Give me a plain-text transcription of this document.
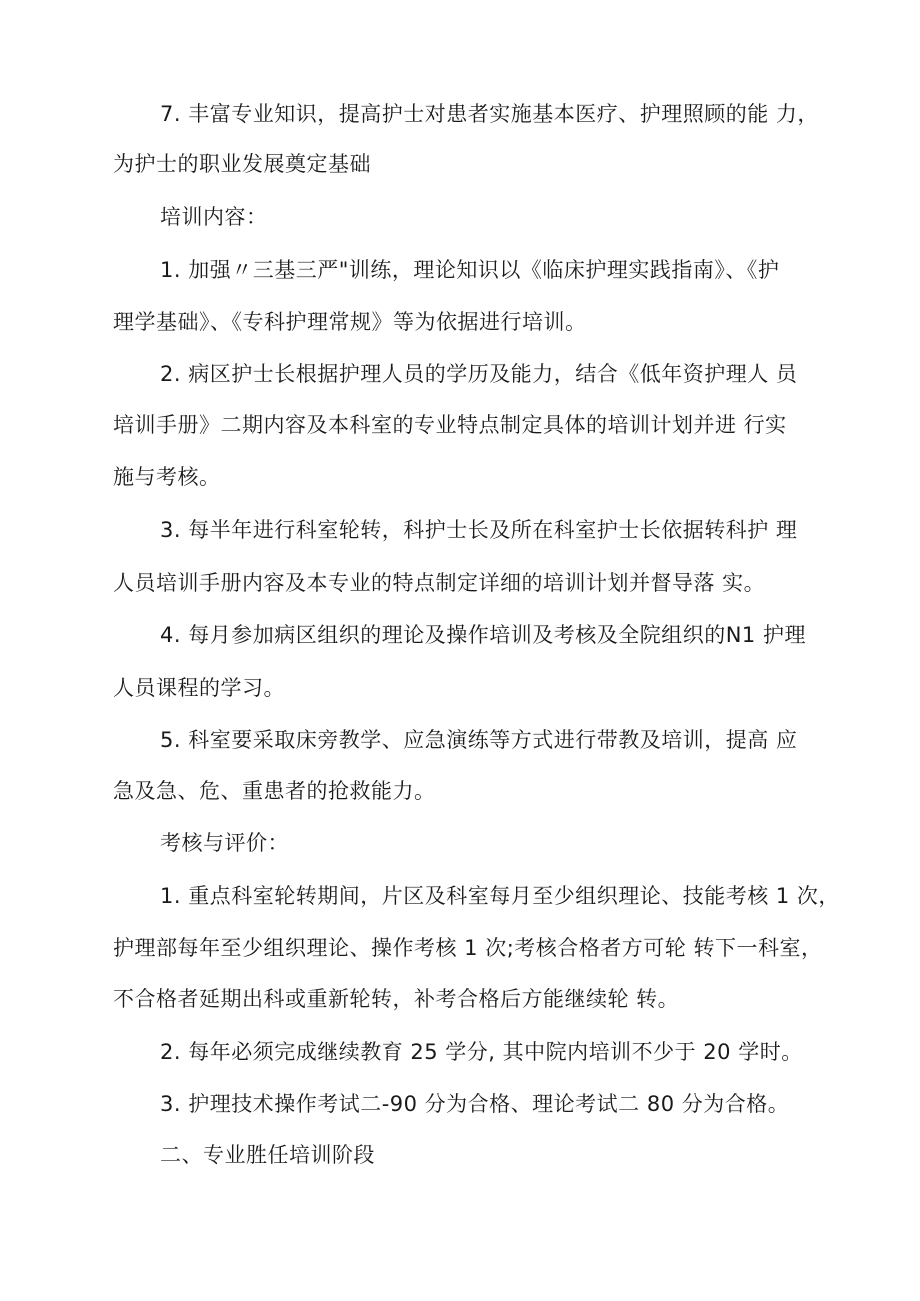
7. 丰富专业知识，提高护士对患者实施基本医疗、护理照顾的能 力，
为护士的职业发展奠定基础
培训内容：
1. 加强〃三基三严"训练，理论知识以《临床护理实践指南》、《护
理学基础》、《专科护理常规》等为依据进行培训。
2. 病区护士长根据护理人员的学历及能力，结合《低年资护理人 员
培训手册》二期内容及本科室的专业特点制定具体的培训计划并进 行实
施与考核。
3. 每半年进行科室轮转，科护士长及所在科室护士长依据转科护 理
人员培训手册内容及本专业的特点制定详细的培训计划并督导落 实。
4. 每月参加病区组织的理论及操作培训及考核及全院组织的N1 护理
人员课程的学习。
5. 科室要采取床旁教学、应急演练等方式进行带教及培训，提高 应
急及急、危、重患者的抢救能力。
考核与评价：
1. 重点科室轮转期间，片区及科室每月至少组织理论、技能考核 1 次，
护理部每年至少组织理论、操作考核 1 次;考核合格者方可轮 转下一科室，
不合格者延期出科或重新轮转，补考合格后方能继续轮 转。
2. 每年必须完成继续教育 25 学分, 其中院内培训不少于 20 学时。
3. 护理技术操作考试二-90 分为合格、理论考试二 80 分为合格。
二、专业胜任培训阶段
